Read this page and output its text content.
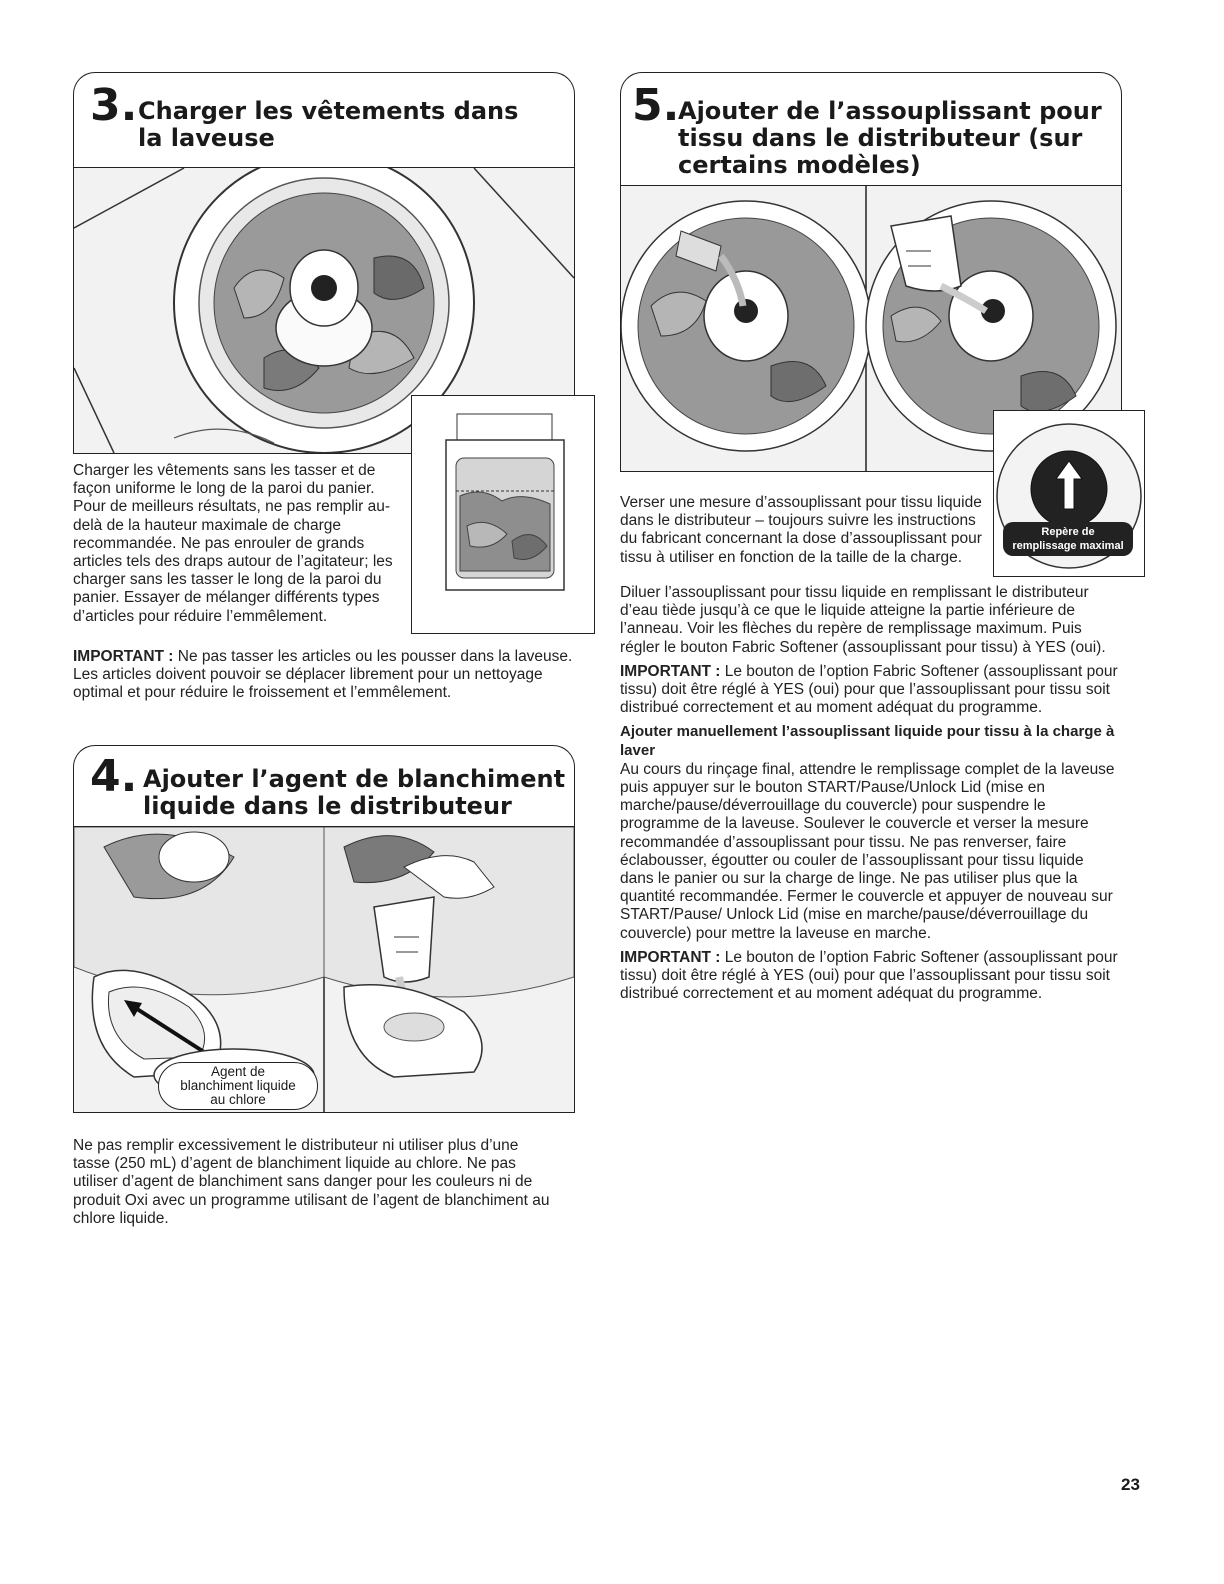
3. Charger les vêtements dans
la laveuse

Charger les vêtements sans les tasser et de façon uniforme le long de la paroi du panier. Pour de meilleurs résultats, ne pas remplir au-delà de la hauteur maximale de charge recommandée. Ne pas enrouler de grands articles tels des draps autour de l’agitateur; les charger sans les tasser le long de la paroi du panier. Essayer de mélanger différents types d’articles pour réduire l’emmêlement.

IMPORTANT : Ne pas tasser les articles ou les pousser dans la laveuse. Les articles doivent pouvoir se déplacer librement pour un nettoyage optimal et pour réduire le froissement et l’emmêlement.

4. Ajouter l’agent de blanchiment
liquide dans le distributeur
Agent de
blanchiment liquide
au chlore

Ne pas remplir excessivement le distributeur ni utiliser plus d’une tasse (250 mL) d’agent de blanchiment liquide au chlore. Ne pas utiliser d’agent de blanchiment sans danger pour les couleurs ni de produit Oxi avec un programme utilisant de l’agent de blanchiment au chlore liquide.

5.
Ajouter de l’assouplissant pour
tissu dans le distributeur (sur
certains modèles)
Repère de
remplissage maximal

Verser une mesure d’assouplissant pour tissu liquide dans le distributeur – toujours suivre les instructions du fabricant concernant la dose d’assouplissant pour tissu à utiliser en fonction de la taille de la charge.

Diluer l’assouplissant pour tissu liquide en remplissant le distributeur d’eau tiède jusqu’à ce que le liquide atteigne la partie inférieure de l’anneau. Voir les flèches du repère de remplissage maximum. Puis régler le bouton Fabric Softener (assouplissant pour tissu) à YES (oui).

IMPORTANT : Le bouton de l’option Fabric Softener (assouplissant pour tissu) doit être réglé à YES (oui) pour que l’assouplissant pour tissu soit distribué correctement et au moment adéquat du programme.

Ajouter manuellement l’assouplissant liquide pour tissu à la charge à laver

Au cours du rinçage final, attendre le remplissage complet de la laveuse puis appuyer sur le bouton START/Pause/Unlock Lid (mise en marche/pause/déverrouillage du couvercle) pour suspendre le programme de la laveuse. Soulever le couvercle et verser la mesure recommandée d’assouplissant pour tissu. Ne pas renverser, faire éclabousser, égoutter ou couler de l’assouplissant pour tissu liquide dans le panier ou sur la charge de linge. Ne pas utiliser plus que la quantité recommandée. Fermer le couvercle et appuyer de nouveau sur START/Pause/ Unlock Lid (mise en marche/pause/déverrouillage du couvercle) pour mettre la laveuse en marche.

IMPORTANT : Le bouton de l’option Fabric Softener (assouplissant pour tissu) doit être réglé à YES (oui) pour que l’assouplissant pour tissu soit distribué correctement et au moment adéquat du programme.

23
